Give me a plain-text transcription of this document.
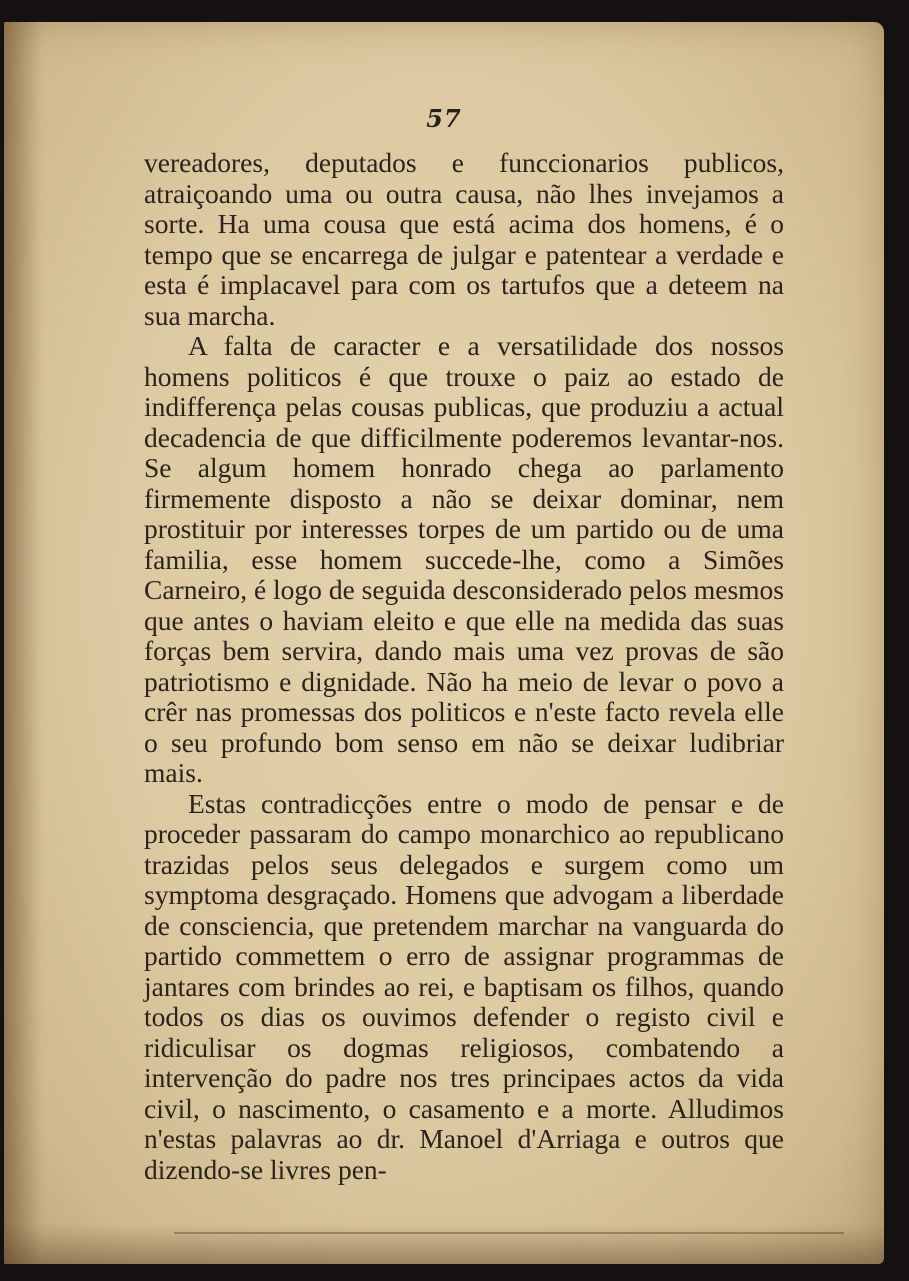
57

vereadores, deputados e funccionarios publicos, atraiçoando uma ou outra causa, não lhes invejamos a sorte. Ha uma cousa que está acima dos homens, é o tempo que se encarrega de julgar e patentear a verdade e esta é implacavel para com os tartufos que a deteem na sua marcha.

A falta de caracter e a versatilidade dos nossos homens politicos é que trouxe o paiz ao estado de indifferença pelas cousas publicas, que produziu a actual decadencia de que difficilmente poderemos levantar-nos. Se algum homem honrado chega ao parlamento firmemente disposto a não se deixar dominar, nem prostituir por interesses torpes de um partido ou de uma familia, esse homem succede-lhe, como a Simões Carneiro, é logo de seguida desconsiderado pelos mesmos que antes o haviam eleito e que elle na medida das suas forças bem servira, dando mais uma vez provas de são patriotismo e dignidade. Não ha meio de levar o povo a crêr nas promessas dos politicos e n'este facto revela elle o seu profundo bom senso em não se deixar ludibriar mais.

Estas contradicções entre o modo de pensar e de proceder passaram do campo monarchico ao republicano trazidas pelos seus delegados e surgem como um symptoma desgraçado. Homens que advogam a liberdade de consciencia, que pretendem marchar na vanguarda do partido commettem o erro de assignar programmas de jantares com brindes ao rei, e baptisam os filhos, quando todos os dias os ouvimos defender o registo civil e ridiculisar os dogmas religiosos, combatendo a intervenção do padre nos tres principaes actos da vida civil, o nascimento, o casamento e a morte. Alludimos n'estas palavras ao dr. Manoel d'Arriaga e outros que dizendo-se livres pen-
